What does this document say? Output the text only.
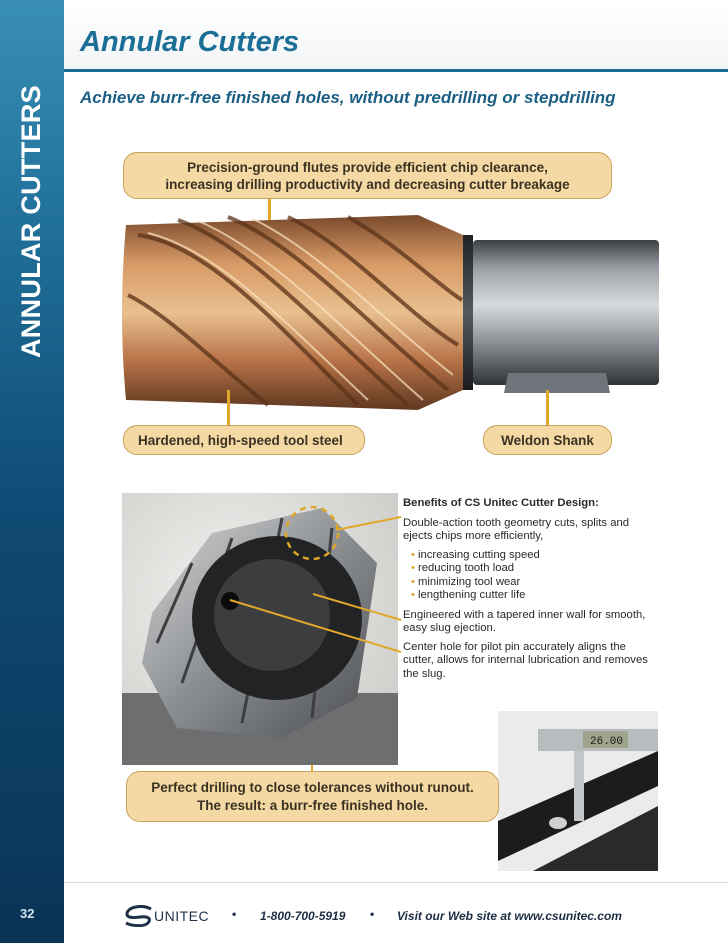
ANNULAR CUTTERS
32
Annular Cutters
Achieve burr-free finished holes, without predrilling or stepdrilling
Precision-ground flutes provide efficient chip clearance,
increasing drilling productivity and decreasing cutter breakage
Hardened, high-speed tool steel	Weldon Shank
Benefits of CS Unitec Cutter Design:

Double-action tooth geometry cuts, splits and ejects chips more efficiently,

• increasing cutting speed
• reducing tooth load
• minimizing tool wear
• lengthening cutter life

Engineered with a tapered inner wall for smooth, easy slug ejection.

Center hole for pilot pin accurately aligns the cutter, allows for internal lubrication and removes the slug.

26.00
Perfect drilling to close tolerances without runout.
The result: a burr-free finished hole.
UNITEC • 1-800-700-5919 • Visit our Web site at www.csunitec.com
